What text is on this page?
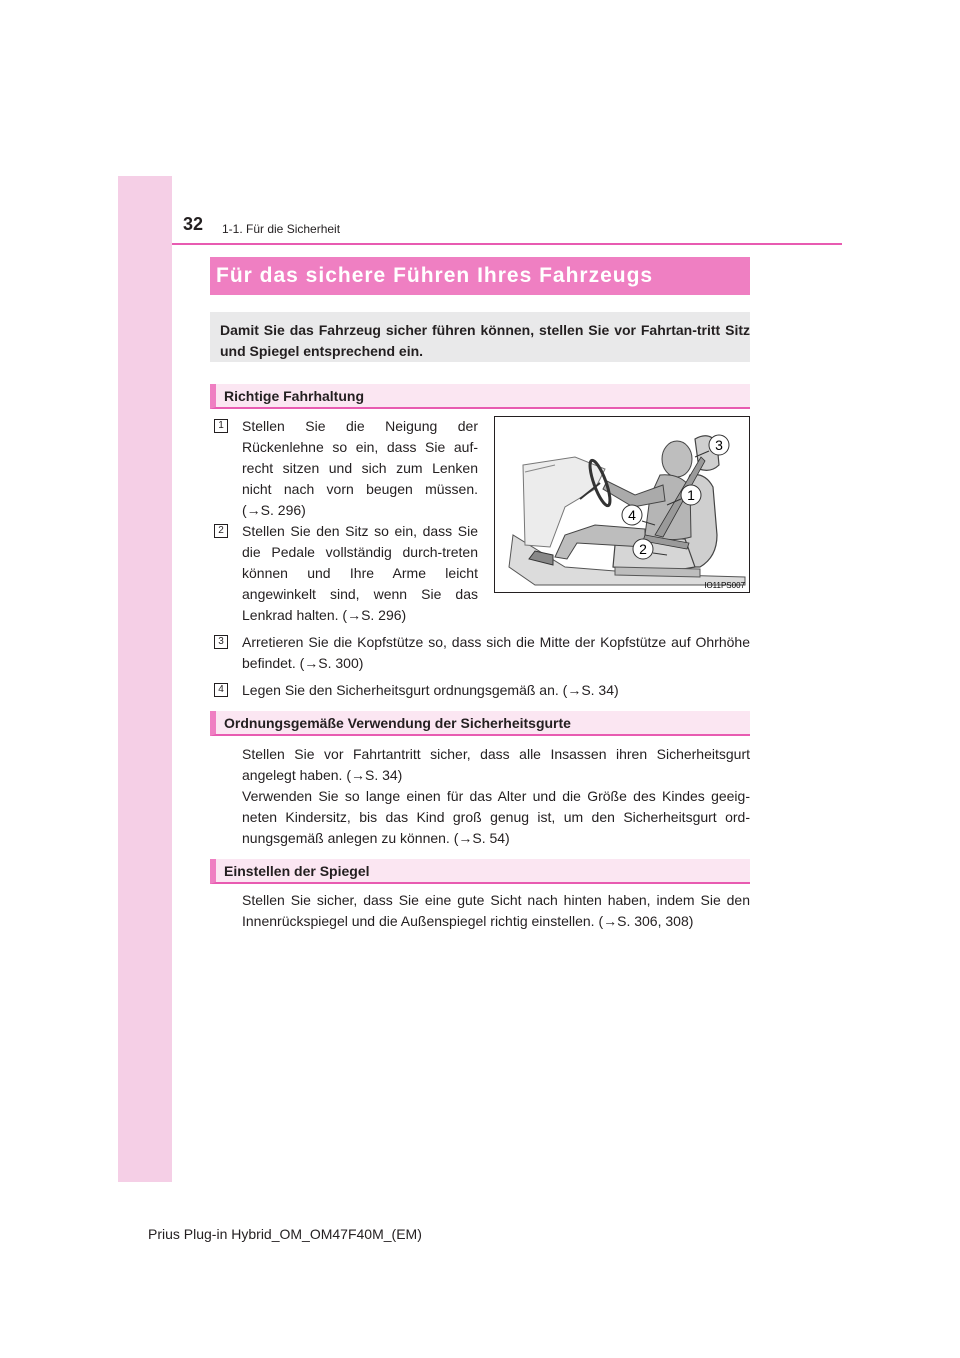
32 1-1. Für die Sicherheit
Für das sichere Führen Ihres Fahrzeugs
Damit Sie das Fahrzeug sicher führen können, stellen Sie vor Fahrtan-tritt Sitz und Spiegel entsprechend ein.
Richtige Fahrhaltung
1	Stellen Sie die Neigung der Rückenlehne so ein, dass Sie auf-recht sitzen und sich zum Lenken nicht nach vorn beugen müssen. (→S. 296)
2	Stellen Sie den Sitz so ein, dass Sie die Pedale vollständig durch-treten können und Ihre Arme leicht angewinkelt sind, wenn Sie das Lenkrad halten. (→S. 296)
3
1
4
2
IO11PS007
3	Arretieren Sie die Kopfstütze so, dass sich die Mitte der Kopfstütze auf Ohrhöhe befindet. (→S. 300)
4	Legen Sie den Sicherheitsgurt ordnungsgemäß an. (→S. 34)
Ordnungsgemäße Verwendung der Sicherheitsgurte
Stellen Sie vor Fahrtantritt sicher, dass alle Insassen ihren Sicherheitsgurt angelegt haben. (→S. 34)
Verwenden Sie so lange einen für das Alter und die Größe des Kindes geeig-neten Kindersitz, bis das Kind groß genug ist, um den Sicherheitsgurt ord-nungsgemäß anlegen zu können. (→S. 54)
Einstellen der Spiegel
Stellen Sie sicher, dass Sie eine gute Sicht nach hinten haben, indem Sie den Innenrückspiegel und die Außenspiegel richtig einstellen. (→S. 306, 308)
Prius Plug-in Hybrid_OM_OM47F40M_(EM)
